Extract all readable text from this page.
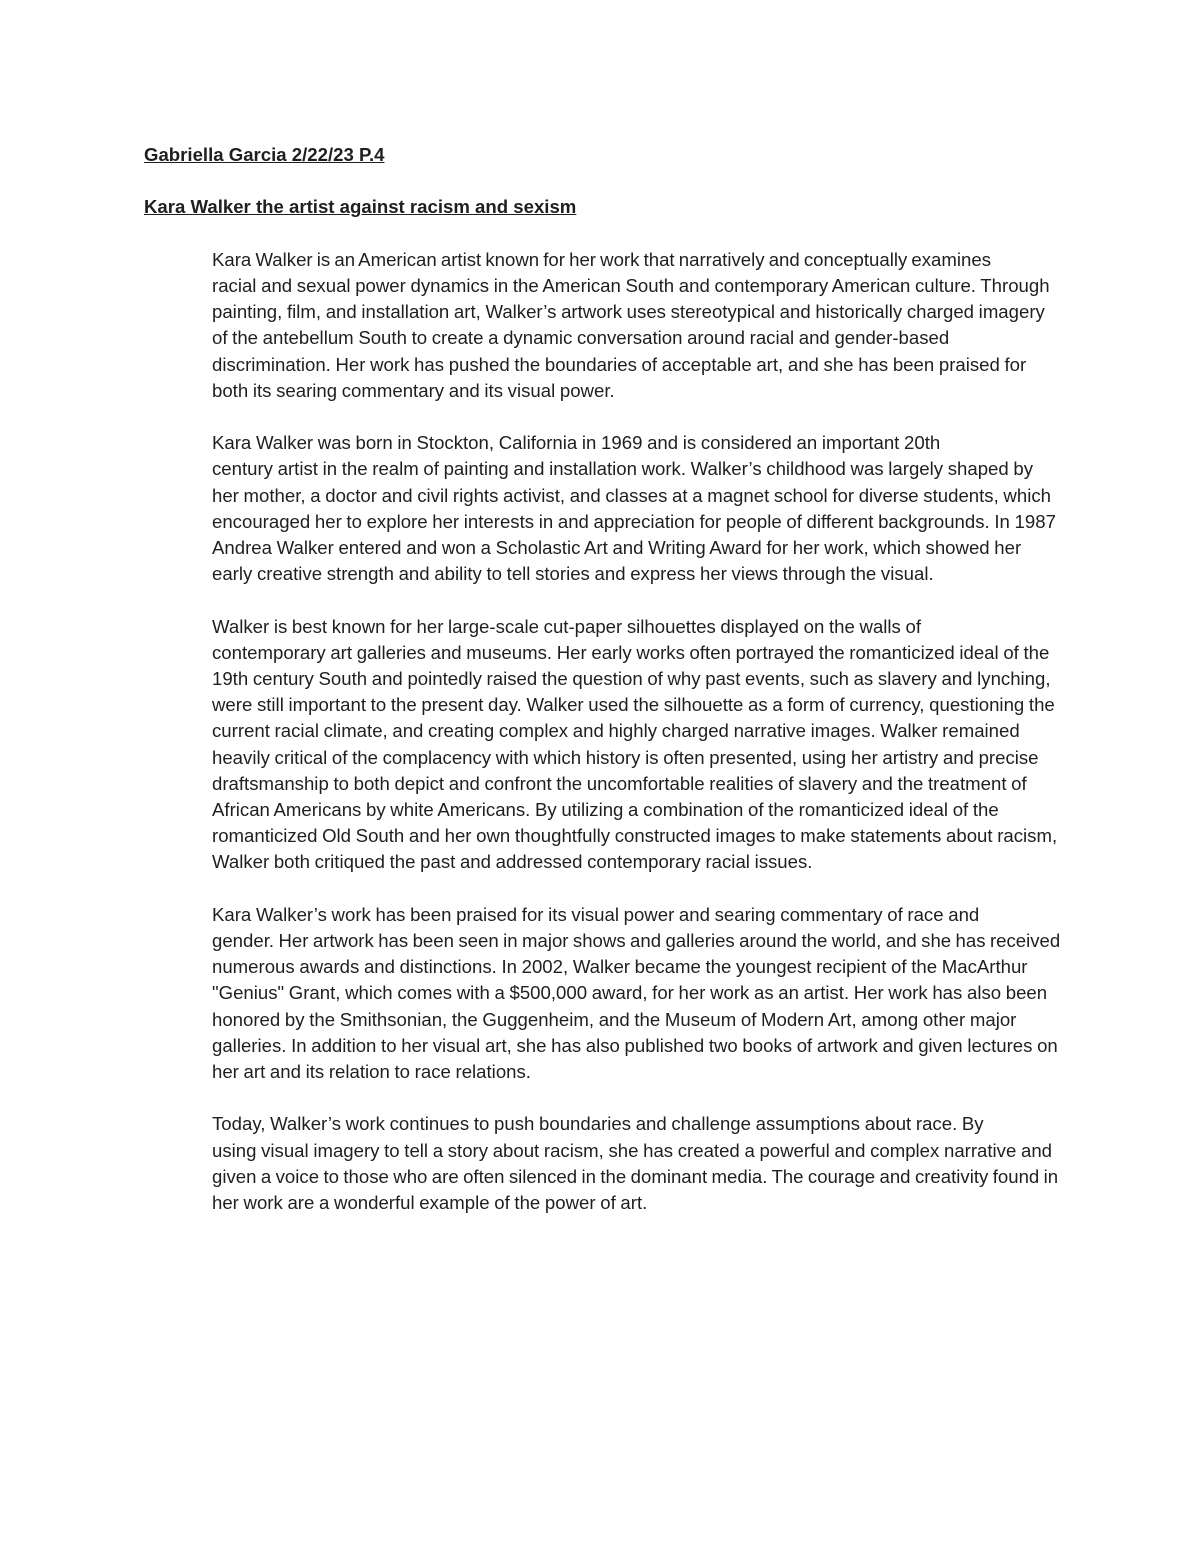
Gabriella Garcia 2/22/23 P.4

Kara Walker the artist against racism and sexism

Kara Walker is an American artist known for her work that narratively and conceptually examines
racial and sexual power dynamics in the American South and contemporary American culture. Through
painting, film, and installation art, Walker’s artwork uses stereotypical and historically charged imagery
of the antebellum South to create a dynamic conversation around racial and gender-based
discrimination. Her work has pushed the boundaries of acceptable art, and she has been praised for
both its searing commentary and its visual power.
Kara Walker was born in Stockton, California in 1969 and is considered an important 20th
century artist in the realm of painting and installation work. Walker’s childhood was largely shaped by
her mother, a doctor and civil rights activist, and classes at a magnet school for diverse students, which
encouraged her to explore her interests in and appreciation for people of different backgrounds. In 1987
Andrea Walker entered and won a Scholastic Art and Writing Award for her work, which showed her
early creative strength and ability to tell stories and express her views through the visual.
Walker is best known for her large-scale cut-paper silhouettes displayed on the walls of
contemporary art galleries and museums. Her early works often portrayed the romanticized ideal of the
19th century South and pointedly raised the question of why past events, such as slavery and lynching,
were still important to the present day. Walker used the silhouette as a form of currency, questioning the
current racial climate, and creating complex and highly charged narrative images. Walker remained
heavily critical of the complacency with which history is often presented, using her artistry and precise
draftsmanship to both depict and confront the uncomfortable realities of slavery and the treatment of
African Americans by white Americans. By utilizing a combination of the romanticized ideal of the
romanticized Old South and her own thoughtfully constructed images to make statements about racism,
Walker both critiqued the past and addressed contemporary racial issues.
Kara Walker’s work has been praised for its visual power and searing commentary of race and
gender. Her artwork has been seen in major shows and galleries around the world, and she has received
numerous awards and distinctions. In 2002, Walker became the youngest recipient of the MacArthur
"Genius" Grant, which comes with a $500,000 award, for her work as an artist. Her work has also been
honored by the Smithsonian, the Guggenheim, and the Museum of Modern Art, among other major
galleries. In addition to her visual art, she has also published two books of artwork and given lectures on
her art and its relation to race relations.
Today, Walker’s work continues to push boundaries and challenge assumptions about race. By
using visual imagery to tell a story about racism, she has created a powerful and complex narrative and
given a voice to those who are often silenced in the dominant media. The courage and creativity found in
her work are a wonderful example of the power of art.
